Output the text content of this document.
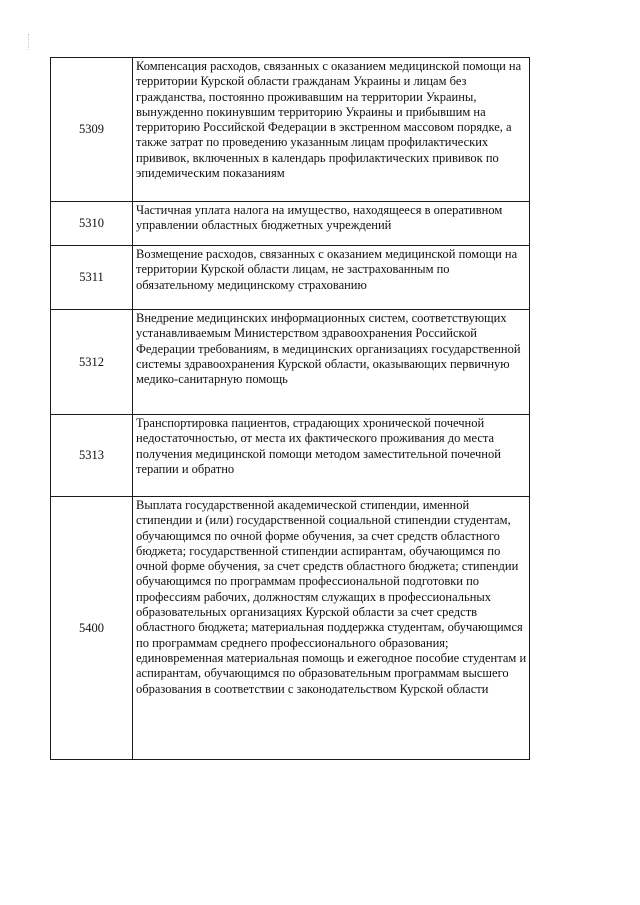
5309	Компенсация расходов, связанных с оказанием медицинской помощи на территории Курской области гражданам Украины и лицам без гражданства, постоянно проживавшим на территории Украины, вынужденно покинувшим территорию Украины и прибывшим на территорию Российской Федерации в экстренном массовом порядке, а также затрат по проведению указанным лицам профилактических прививок, включенных в календарь профилактических прививок по эпидемическим показаниям

5310	Частичная уплата налога на имущество, находящееся в оперативном управлении областных бюджетных учреждений

5311	Возмещение расходов, связанных с оказанием медицинской помощи на территории Курской области лицам, не застрахованным по обязательному медицинскому страхованию

5312	Внедрение медицинских информационных систем, соответствующих устанавливаемым Министерством здравоохранения Российской Федерации требованиям, в медицинских организациях государственной системы здравоохранения Курской области, оказывающих первичную медико-санитарную помощь

5313	Транспортировка пациентов, страдающих хронической почечной недостаточностью, от места их фактического проживания до места получения медицинской помощи методом заместительной почечной терапии и обратно

5400	Выплата государственной академической стипендии, именной стипендии и (или) государственной социальной стипендии студентам, обучающимся по очной форме обучения, за счет средств областного бюджета; государственной стипендии аспирантам, обучающимся по очной форме обучения, за счет средств областного бюджета; стипендии обучающимся по программам профессиональной подготовки по профессиям рабочих, должностям служащих в профессиональных образовательных организациях Курской области за счет средств областного бюджета; материальная поддержка студентам, обучающимся по программам среднего профессионального образования; единовременная материальная помощь и ежегодное пособие студентам и аспирантам, обучающимся по образовательным программам высшего образования в соответствии с законодательством Курской области
